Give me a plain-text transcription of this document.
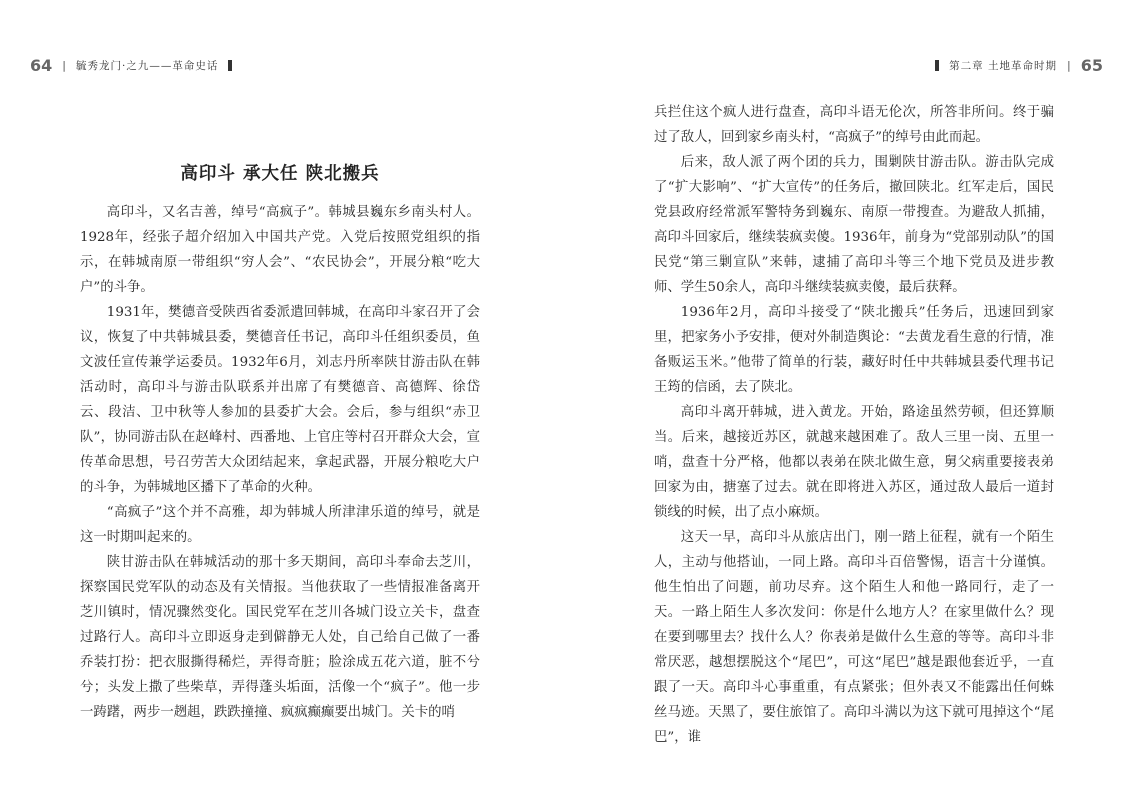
64 | 毓秀龙门·之九——革命史话
高印斗 承大任 陕北搬兵

高印斗，又名吉善，绰号“高疯子”。韩城县巍东乡南头村人。1928年，经张子超介绍加入中国共产党。入党后按照党组织的指示，在韩城南原一带组织“穷人会”、“农民协会”，开展分粮“吃大户”的斗争。

1931年，樊德音受陕西省委派遣回韩城，在高印斗家召开了会议，恢复了中共韩城县委，樊德音任书记，高印斗任组织委员，鱼文波任宣传兼学运委员。1932年6月，刘志丹所率陕甘游击队在韩活动时，高印斗与游击队联系并出席了有樊德音、高德辉、徐岱云、段洁、卫中秋等人参加的县委扩大会。会后，参与组织“赤卫队”，协同游击队在赵峰村、西番地、上官庄等村召开群众大会，宣传革命思想，号召劳苦大众团结起来，拿起武器，开展分粮吃大户的斗争，为韩城地区播下了革命的火种。

“高疯子”这个并不高雅，却为韩城人所津津乐道的绰号，就是这一时期叫起来的。

陕甘游击队在韩城活动的那十多天期间，高印斗奉命去芝川，探察国民党军队的动态及有关情报。当他获取了一些情报准备离开芝川镇时，情况骤然变化。国民党军在芝川各城门设立关卡，盘查过路行人。高印斗立即返身走到僻静无人处，自己给自己做了一番乔装打扮：把衣服撕得稀烂，弄得奇脏；脸涂成五花六道，脏不兮兮；头发上撒了些柴草，弄得蓬头垢面，活像一个“疯子”。他一步一踌躇，两步一趔趄，跌跌撞撞、疯疯癫癫要出城门。关卡的哨

第二章 土地革命时期 | 65

兵拦住这个疯人进行盘查，高印斗语无伦次，所答非所问。终于骗过了敌人，回到家乡南头村，“高疯子”的绰号由此而起。

后来，敌人派了两个团的兵力，围剿陕甘游击队。游击队完成了“扩大影响”、“扩大宣传”的任务后，撤回陕北。红军走后，国民党县政府经常派军警特务到巍东、南原一带搜查。为避敌人抓捕，高印斗回家后，继续装疯卖傻。1936年，前身为“党部别动队”的国民党“第三剿宣队”来韩，逮捕了高印斗等三个地下党员及进步教师、学生50余人，高印斗继续装疯卖傻，最后获释。

1936年2月，高印斗接受了“陕北搬兵”任务后，迅速回到家里，把家务小予安排，便对外制造舆论：“去黄龙看生意的行情，准备贩运玉米。”他带了简单的行装，藏好时任中共韩城县委代理书记王筠的信函，去了陕北。

高印斗离开韩城，进入黄龙。开始，路途虽然劳顿，但还算顺当。后来，越接近苏区，就越来越困难了。敌人三里一岗、五里一哨，盘查十分严格，他都以表弟在陕北做生意，舅父病重要接表弟回家为由，搪塞了过去。就在即将进入苏区，通过敌人最后一道封锁线的时候，出了点小麻烦。

这天一早，高印斗从旅店出门，刚一踏上征程，就有一个陌生人，主动与他搭讪，一同上路。高印斗百倍警惕，语言十分谨慎。他生怕出了问题，前功尽弃。这个陌生人和他一路同行，走了一天。一路上陌生人多次发问：你是什么地方人？在家里做什么？现在要到哪里去？找什么人？你表弟是做什么生意的等等。高印斗非常厌恶，越想摆脱这个“尾巴”，可这“尾巴”越是跟他套近乎，一直跟了一天。高印斗心事重重，有点紧张；但外表又不能露出任何蛛丝马迹。天黑了，要住旅馆了。高印斗满以为这下就可甩掉这个“尾巴”，谁
